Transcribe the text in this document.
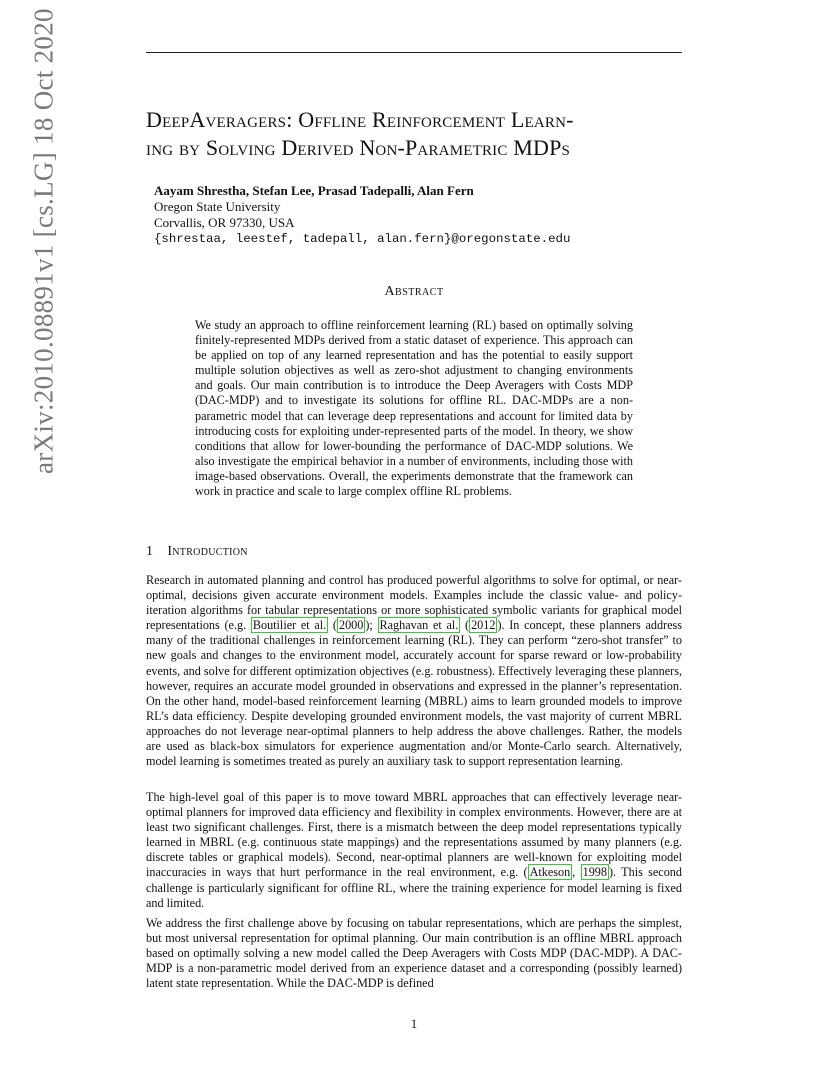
arXiv:2010.08891v1 [cs.LG] 18 Oct 2020	DeepAveragers: Offline Reinforcement Learn-
ing by Solving Derived Non-Parametric MDPs
Aayam Shrestha, Stefan Lee, Prasad Tadepalli, Alan Fern
Oregon State University
Corvallis, OR 97330, USA
{shrestaa, leestef, tadepall, alan.fern}@oregonstate.edu
Abstract
We study an approach to offline reinforcement learning (RL) based on optimally solving finitely-represented MDPs derived from a static dataset of experience. This approach can be applied on top of any learned representation and has the potential to easily support multiple solution objectives as well as zero-shot adjustment to changing environments and goals. Our main contribution is to introduce the Deep Averagers with Costs MDP (DAC-MDP) and to investigate its solutions for offline RL. DAC-MDPs are a non-parametric model that can leverage deep representations and account for limited data by introducing costs for exploiting under-represented parts of the model. In theory, we show conditions that allow for lower-bounding the performance of DAC-MDP solutions. We also investigate the empirical behavior in a number of environments, including those with image-based observations. Overall, the experiments demonstrate that the framework can work in practice and scale to large complex offline RL problems.
1 Introduction
Research in automated planning and control has produced powerful algorithms to solve for optimal, or near-optimal, decisions given accurate environment models. Examples include the classic value- and policy-iteration algorithms for tabular representations or more sophisticated symbolic variants for graphical model representations (e.g. Boutilier et al. ( 2000 ); Raghavan et al. ( 2012 ). In concept, these planners address many of the traditional challenges in reinforcement learning (RL). They can perform “zero-shot transfer” to new goals and changes to the environment model, accurately account for sparse reward or low-probability events, and solve for different optimization objectives (e.g. robustness). Effectively leveraging these planners, however, requires an accurate model grounded in observations and expressed in the planner’s representation. On the other hand, model-based reinforcement learning (MBRL) aims to learn grounded models to improve RL’s data efficiency. Despite developing grounded environment models, the vast majority of current MBRL approaches do not leverage near-optimal planners to help address the above challenges. Rather, the models are used as black-box simulators for experience augmentation and/or Monte-Carlo search. Alternatively, model learning is sometimes treated as purely an auxiliary task to support representation learning.
The high-level goal of this paper is to move toward MBRL approaches that can effectively leverage near-optimal planners for improved data efficiency and flexibility in complex environments. However, there are at least two significant challenges. First, there is a mismatch between the deep model representations typically learned in MBRL (e.g. continuous state mappings) and the representations assumed by many planners (e.g. discrete tables or graphical models). Second, near-optimal planners are well-known for exploiting model inaccuracies in ways that hurt performance in the real environment, e.g. ( Atkeson , 1998 ). This second challenge is particularly significant for offline RL, where the training experience for model learning is fixed and limited.
We address the first challenge above by focusing on tabular representations, which are perhaps the simplest, but most universal representation for optimal planning. Our main contribution is an offline MBRL approach based on optimally solving a new model called the Deep Averagers with Costs MDP (DAC-MDP). A DAC-MDP is a non-parametric model derived from an experience dataset and a corresponding (possibly learned) latent state representation. While the DAC-MDP is defined
1
